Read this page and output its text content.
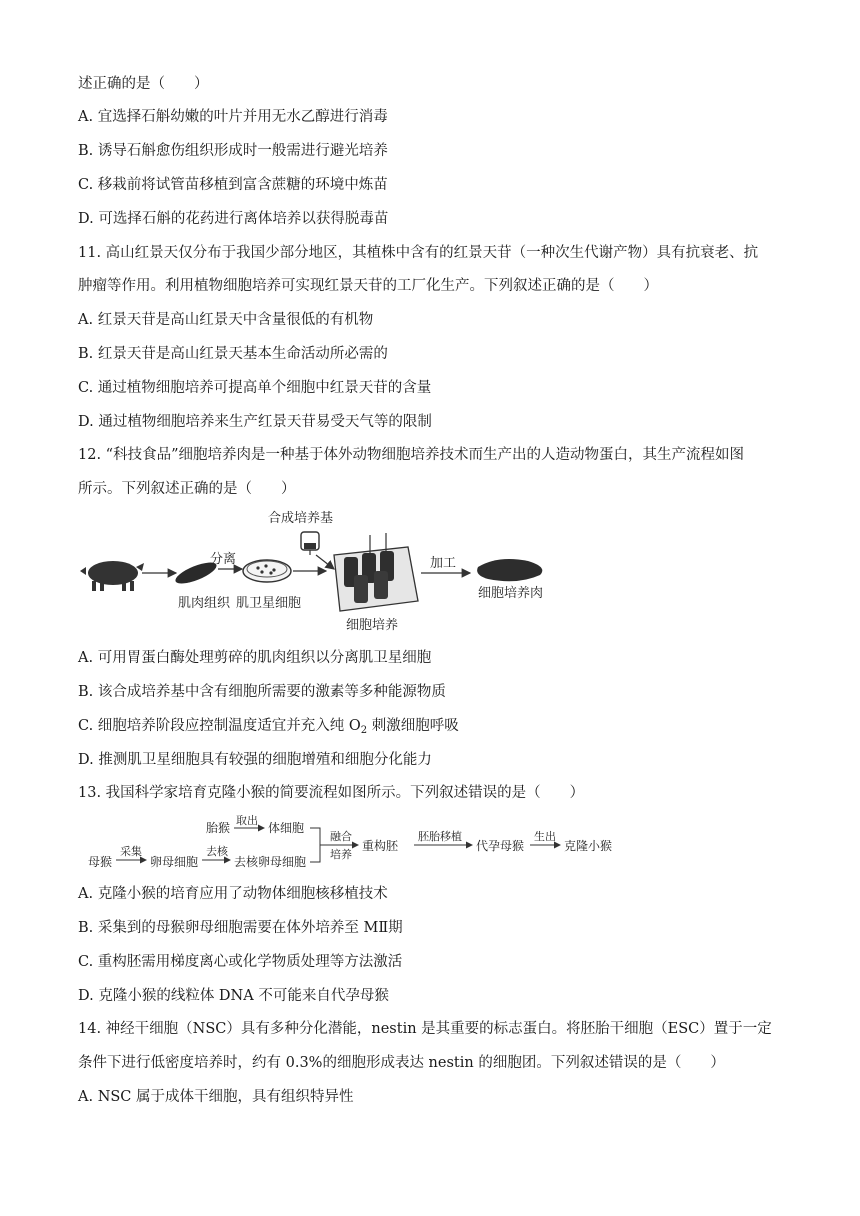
述正确的是（　　）
A. 宜选择石斛幼嫩的叶片并用无水乙醇进行消毒
B. 诱导石斛愈伤组织形成时一般需进行避光培养
C. 移栽前将试管苗移植到富含蔗糖的环境中炼苗
D. 可选择石斛的花药进行离体培养以获得脱毒苗
11. 高山红景天仅分布于我国少部分地区，其植株中含有的红景天苷（一种次生代谢产物）具有抗衰老、抗
肿瘤等作用。利用植物细胞培养可实现红景天苷的工厂化生产。下列叙述正确的是（　　）
A. 红景天苷是高山红景天中含量很低的有机物
B. 红景天苷是高山红景天基本生命活动所必需的
C. 通过植物细胞培养可提高单个细胞中红景天苷的含量
D. 通过植物细胞培养来生产红景天苷易受天气等的限制
12. “科技食品”细胞培养肉是一种基于体外动物细胞培养技术而生产出的人造动物蛋白，其生产流程如图
所示。下列叙述正确的是（　　）
肌肉组织
分离
肌卫星细胞
合成培养基
细胞培养
加工
细胞培养肉
A. 可用胃蛋白酶处理剪碎的肌肉组织以分离肌卫星细胞
B. 该合成培养基中含有细胞所需要的激素等多种能源物质
C. 细胞培养阶段应控制温度适宜并充入纯 $O_2$ 刺激细胞呼吸
D. 推测肌卫星细胞具有较强的细胞增殖和细胞分化能力
13. 我国科学家培育克隆小猴的简要流程如图所示。下列叙述错误的是（　　）
胎猴
取出
体细胞
母猴
采集
卵母细胞
去核
去核卵母细胞
融合
培养
重构胚
胚胎移植
代孕母猴
生出
克隆小猴
A. 克隆小猴的培育应用了动物体细胞核移植技术
B. 采集到的母猴卵母细胞需要在体外培养至 MⅡ期
C. 重构胚需用梯度离心或化学物质处理等方法激活
D. 克隆小猴的线粒体 DNA 不可能来自代孕母猴
14. 神经干细胞（NSC）具有多种分化潜能，nestin 是其重要的标志蛋白。将胚胎干细胞（ESC）置于一定
条件下进行低密度培养时，约有 0.3%的细胞形成表达 nestin 的细胞团。下列叙述错误的是（　　）
A. NSC 属于成体干细胞，具有组织特异性
